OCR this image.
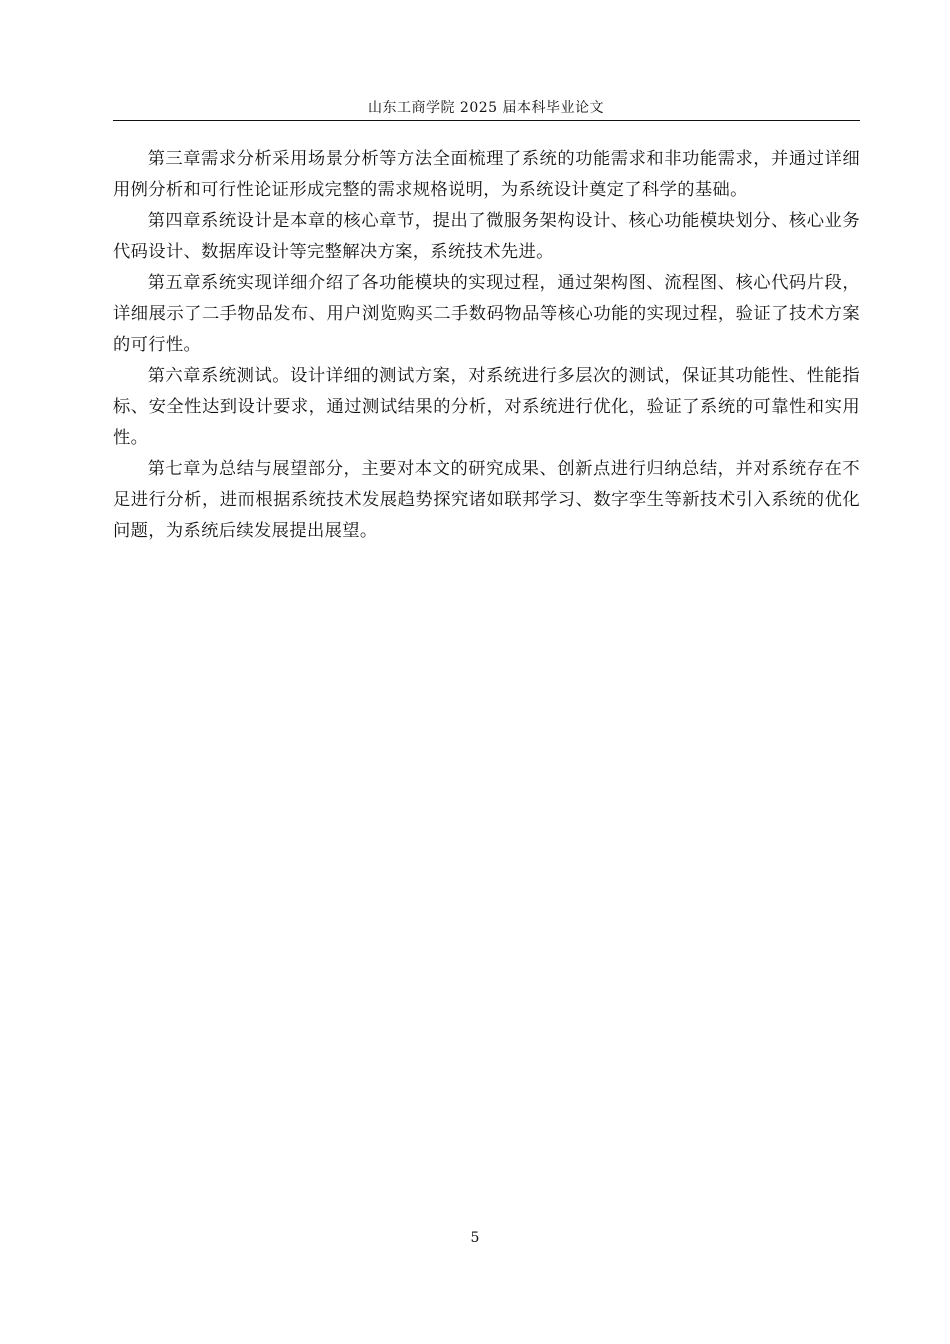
山东工商学院 2025 届本科毕业论文

第三章需求分析采用场景分析等方法全面梳理了系统的功能需求和非功能需求，并通过详细用例分析和可行性论证形成完整的需求规格说明，为系统设计奠定了科学的基础。

第四章系统设计是本章的核心章节，提出了微服务架构设计、核心功能模块划分、核心业务代码设计、数据库设计等完整解决方案，系统技术先进。

第五章系统实现详细介绍了各功能模块的实现过程，通过架构图、流程图、核心代码片段，详细展示了二手物品发布、用户浏览购买二手数码物品等核心功能的实现过程，验证了技术方案的可行性。

第六章系统测试。设计详细的测试方案，对系统进行多层次的测试，保证其功能性、性能指标、安全性达到设计要求，通过测试结果的分析，对系统进行优化，验证了系统的可靠性和实用性。

第七章为总结与展望部分，主要对本文的研究成果、创新点进行归纳总结，并对系统存在不足进行分析，进而根据系统技术发展趋势探究诸如联邦学习、数字孪生等新技术引入系统的优化问题，为系统后续发展提出展望。

5
